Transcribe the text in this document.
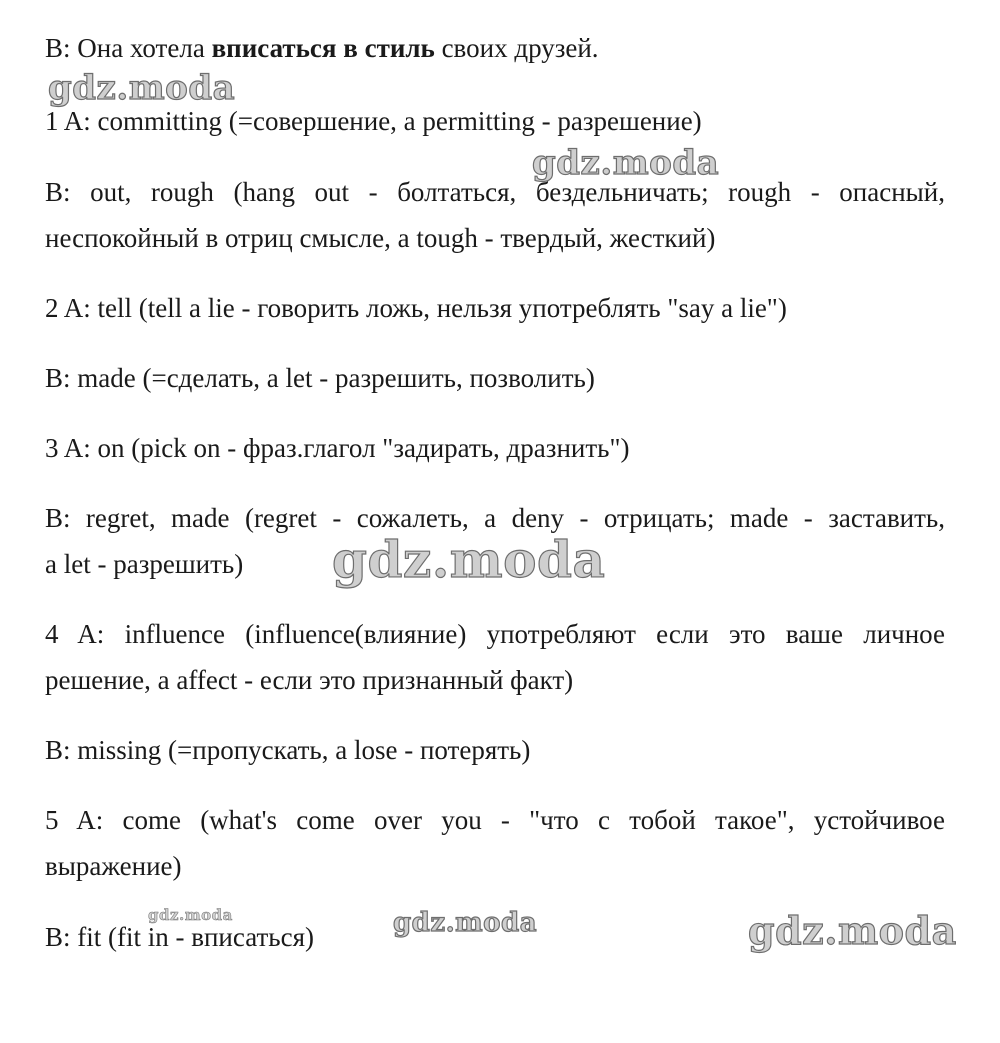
B: Она хотела вписаться в стиль своих друзей.
1 A: committing (=совершение, a permitting - разрешение)
B: out, rough (hang out - болтаться, бездельничать; rough - опасный,
неспокойный в отриц смысле, a tough - твердый, жесткий)
2 A: tell (tell a lie - говорить ложь, нельзя употреблять "say a lie")
B: made (=сделать, a let - разрешить, позволить)
3 A: on (pick on - фраз.глагол "задирать, дразнить")
B: regret, made (regret - сожалеть, a deny - отрицать; made - заставить,
a let - разрешить)
4 A: influence (influence(влияние) употребляют если это ваше личное
решение, a affect - если это признанный факт)
B: missing (=пропускать, a lose - потерять)
5 A: come (what's come over you - "что с тобой такое", устойчивое
выражение)
B: fit (fit in - вписаться)
gdz.moda
gdz.moda
gdz.moda
gdz.moda	gdz.moda	gdz.moda
